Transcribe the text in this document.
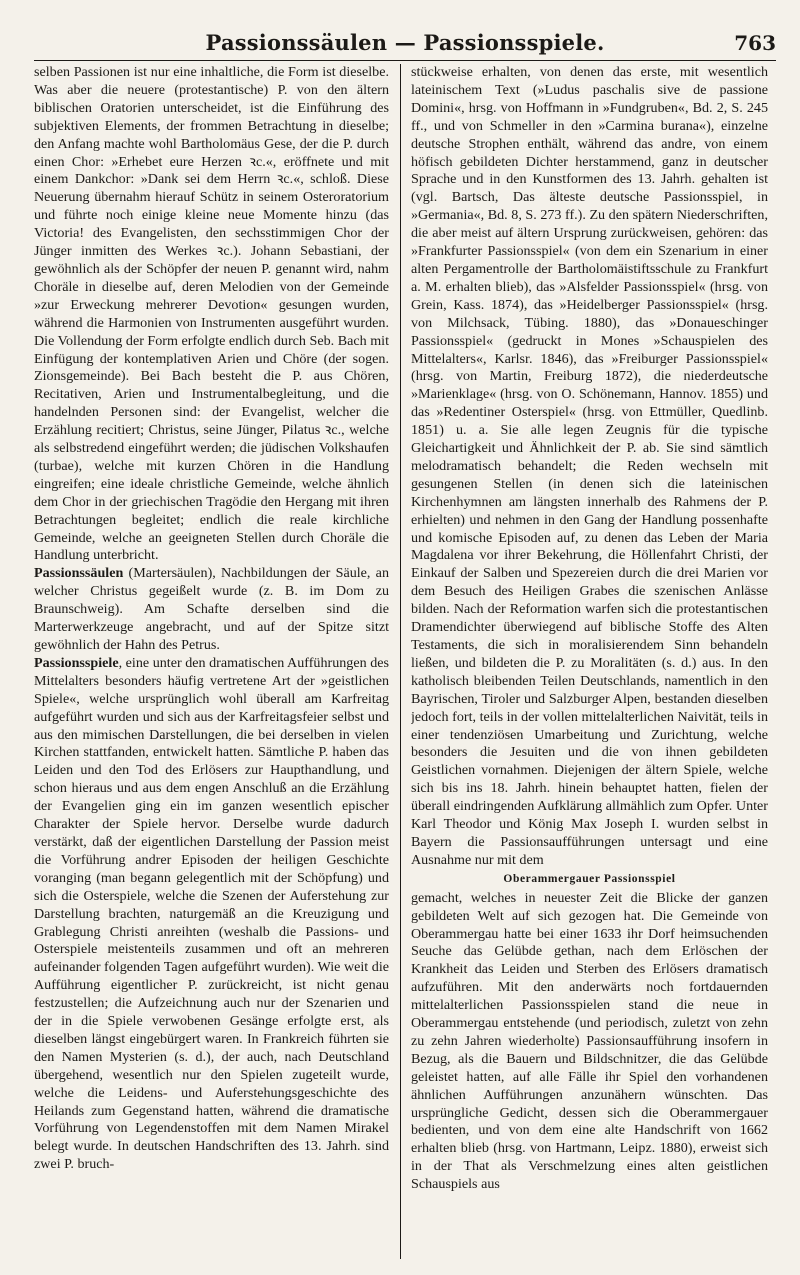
Passionssäulen — Passionsspiele.	763

selben Passionen ist nur eine inhaltliche, die Form ist dieselbe. Was aber die neuere (protestantische) P. von den ältern biblischen Oratorien unterscheidet, ist die Einführung des subjektiven Elements, der frommen Betrachtung in dieselbe; den Anfang machte wohl Bartholomäus Gese, der die P. durch einen Chor: »Erhebet eure Herzen ꝛc.«, eröffnete und mit einem Dankchor: »Dank sei dem Herrn ꝛc.«, schloß. Diese Neuerung übernahm hierauf Schütz in seinem Osteroratorium und führte noch einige kleine neue Momente hinzu (das Victoria! des Evangelisten, den sechsstimmigen Chor der Jünger inmitten des Werkes ꝛc.). Johann Sebastiani, der gewöhnlich als der Schöpfer der neuen P. genannt wird, nahm Choräle in dieselbe auf, deren Melodien von der Gemeinde »zur Erweckung mehrerer Devotion« gesungen wurden, während die Harmonien von Instrumenten ausgeführt wurden. Die Vollendung der Form erfolgte endlich durch Seb. Bach mit Einfügung der kontemplativen Arien und Chöre (der sogen. Zionsgemeinde). Bei Bach besteht die P. aus Chören, Recitativen, Arien und Instrumentalbegleitung, und die handelnden Personen sind: der Evangelist, welcher die Erzählung recitiert; Christus, seine Jünger, Pilatus ꝛc., welche als selbstredend eingeführt werden; die jüdischen Volkshaufen (turbae), welche mit kurzen Chören in die Handlung eingreifen; eine ideale christliche Gemeinde, welche ähnlich dem Chor in der griechischen Tragödie den Hergang mit ihren Betrachtungen begleitet; endlich die reale kirchliche Gemeinde, welche an geeigneten Stellen durch Choräle die Handlung unterbricht.

Passionssäulen (Martersäulen), Nachbildungen der Säule, an welcher Christus gegeißelt wurde (z. B. im Dom zu Braunschweig). Am Schafte derselben sind die Marterwerkzeuge angebracht, und auf der Spitze sitzt gewöhnlich der Hahn des Petrus.

Passionsspiele, eine unter den dramatischen Aufführungen des Mittelalters besonders häufig vertretene Art der »geistlichen Spiele«, welche ursprünglich wohl überall am Karfreitag aufgeführt wurden und sich aus der Karfreitagsfeier selbst und aus den mimischen Darstellungen, die bei derselben in vielen Kirchen stattfanden, entwickelt hatten. Sämtliche P. haben das Leiden und den Tod des Erlösers zur Haupthandlung, und schon hieraus und aus dem engen Anschluß an die Erzählung der Evangelien ging ein im ganzen wesentlich epischer Charakter der Spiele hervor. Derselbe wurde dadurch verstärkt, daß der eigentlichen Darstellung der Passion meist die Vorführung andrer Episoden der heiligen Geschichte voranging (man begann gelegentlich mit der Schöpfung) und sich die Osterspiele, welche die Szenen der Auferstehung zur Darstellung brachten, naturgemäß an die Kreuzigung und Grablegung Christi anreihten (weshalb die Passions- und Osterspiele meistenteils zusammen und oft an mehreren aufeinander folgenden Tagen aufgeführt wurden). Wie weit die Aufführung eigentlicher P. zurückreicht, ist nicht genau festzustellen; die Aufzeichnung auch nur der Szenarien und der in die Spiele verwobenen Gesänge erfolgte erst, als dieselben längst eingebürgert waren. In Frankreich führten sie den Namen Mysterien (s. d.), der auch, nach Deutschland übergehend, wesentlich nur den Spielen zugeteilt wurde, welche die Leidens- und Auferstehungsgeschichte des Heilands zum Gegenstand hatten, während die dramatische Vorführung von Legendenstoffen mit dem Namen Mirakel belegt wurde. In deutschen Handschriften des 13. Jahrh. sind zwei P. bruch-

stückweise erhalten, von denen das erste, mit wesentlich lateinischem Text (»Ludus paschalis sive de passione Domini«, hrsg. von Hoffmann in »Fundgruben«, Bd. 2, S. 245 ff., und von Schmeller in den »Carmina burana«), einzelne deutsche Strophen enthält, während das andre, von einem höfisch gebildeten Dichter herstammend, ganz in deutscher Sprache und in den Kunstformen des 13. Jahrh. gehalten ist (vgl. Bartsch, Das älteste deutsche Passionsspiel, in »Germania«, Bd. 8, S. 273 ff.). Zu den spätern Niederschriften, die aber meist auf ältern Ursprung zurückweisen, gehören: das »Frankfurter Passionsspiel« (von dem ein Szenarium in einer alten Pergamentrolle der Bartholomäistiftsschule zu Frankfurt a. M. erhalten blieb), das »Alsfelder Passionsspiel« (hrsg. von Grein, Kass. 1874), das »Heidelberger Passionsspiel« (hrsg. von Milchsack, Tübing. 1880), das »Donaueschinger Passionsspiel« (gedruckt in Mones »Schauspielen des Mittelalters«, Karlsr. 1846), das »Freiburger Passionsspiel« (hrsg. von Martin, Freiburg 1872), die niederdeutsche »Marienklage« (hrsg. von O. Schönemann, Hannov. 1855) und das »Redentiner Osterspiel« (hrsg. von Ettmüller, Quedlinb. 1851) u. a. Sie alle legen Zeugnis für die typische Gleichartigkeit und Ähnlichkeit der P. ab. Sie sind sämtlich melodramatisch behandelt; die Reden wechseln mit gesungenen Stellen (in denen sich die lateinischen Kirchenhymnen am längsten innerhalb des Rahmens der P. erhielten) und nehmen in den Gang der Handlung possenhafte und komische Episoden auf, zu denen das Leben der Maria Magdalena vor ihrer Bekehrung, die Höllenfahrt Christi, der Einkauf der Salben und Spezereien durch die drei Marien vor dem Besuch des Heiligen Grabes die szenischen Anlässe bilden. Nach der Reformation warfen sich die protestantischen Dramendichter überwiegend auf biblische Stoffe des Alten Testaments, die sich in moralisierendem Sinn behandeln ließen, und bildeten die P. zu Moralitäten (s. d.) aus. In den katholisch bleibenden Teilen Deutschlands, namentlich in den Bayrischen, Tiroler und Salzburger Alpen, bestanden dieselben jedoch fort, teils in der vollen mittelalterlichen Naivität, teils in einer tendenziösen Umarbeitung und Zurichtung, welche besonders die Jesuiten und die von ihnen gebildeten Geistlichen vornahmen. Diejenigen der ältern Spiele, welche sich bis ins 18. Jahrh. hinein behauptet hatten, fielen der überall eindringenden Aufklärung allmählich zum Opfer. Unter Karl Theodor und König Max Joseph I. wurden selbst in Bayern die Passionsaufführungen untersagt und eine Ausnahme nur mit dem

Oberammergauer Passionsspiel

gemacht, welches in neuester Zeit die Blicke der ganzen gebildeten Welt auf sich gezogen hat. Die Gemeinde von Oberammergau hatte bei einer 1633 ihr Dorf heimsuchenden Seuche das Gelübde gethan, nach dem Erlöschen der Krankheit das Leiden und Sterben des Erlösers dramatisch aufzuführen. Mit den anderwärts noch fortdauernden mittelalterlichen Passionsspielen stand die neue in Oberammergau entstehende (und periodisch, zuletzt von zehn zu zehn Jahren wiederholte) Passionsaufführung insofern in Bezug, als die Bauern und Bildschnitzer, die das Gelübde geleistet hatten, auf alle Fälle ihr Spiel den vorhandenen ähnlichen Aufführungen anzunähern wünschten. Das ursprüngliche Gedicht, dessen sich die Oberammergauer bedienten, und von dem eine alte Handschrift von 1662 erhalten blieb (hrsg. von Hartmann, Leipz. 1880), erweist sich in der That als Verschmelzung eines alten geistlichen Schauspiels aus
